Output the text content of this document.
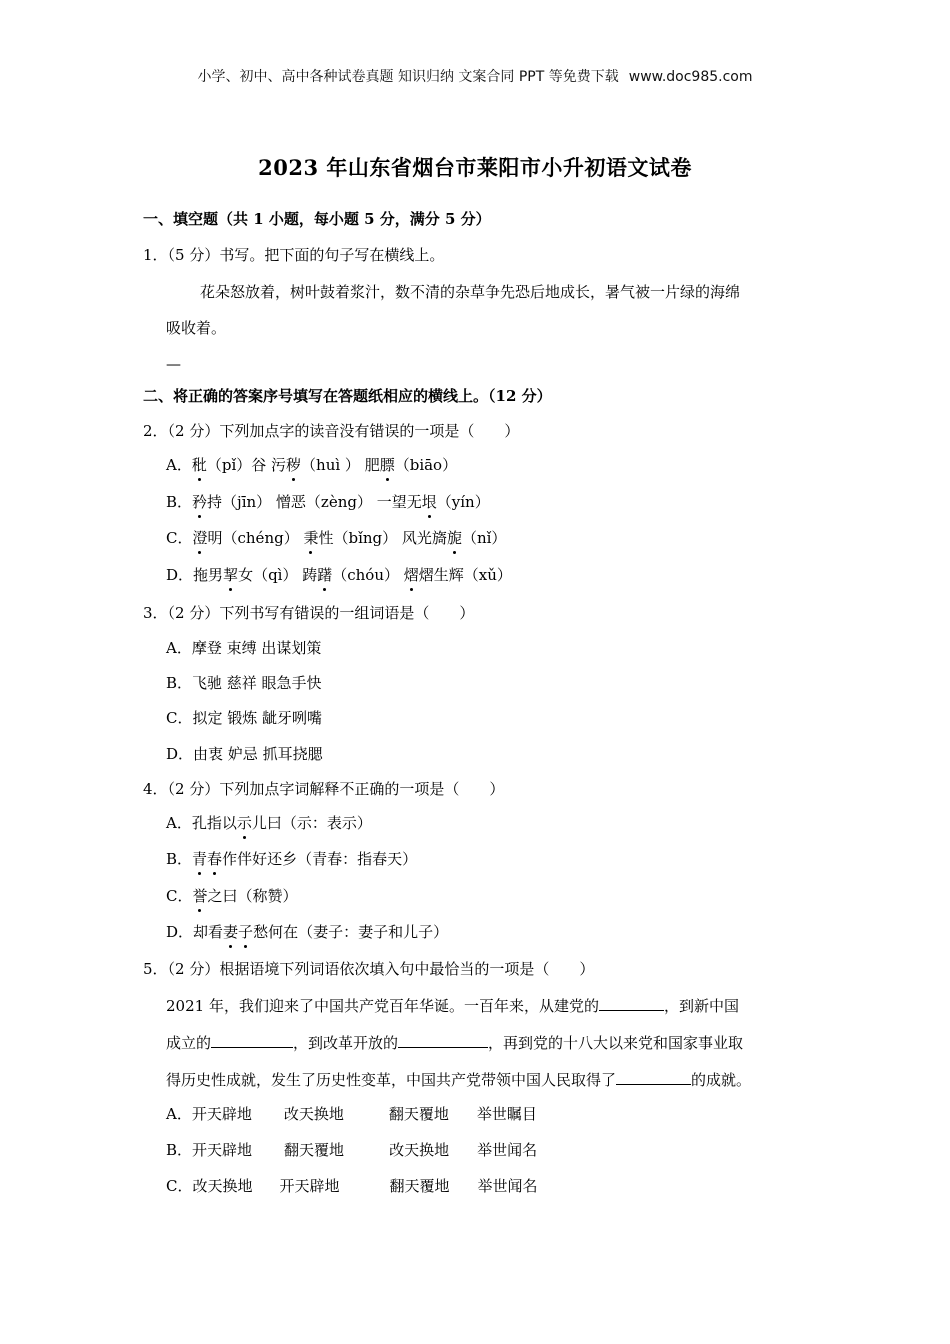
小学、初中、高中各种试卷真题 知识归纳 文案合同 PPT 等免费下载 www.doc985.com
2023 年山东省烟台市莱阳市小升初语文试卷
一、填空题（共 1 小题，每小题 5 分，满分 5 分）
1．（5 分）书写。把下面的句子写在横线上。
花朵怒放着，树叶鼓着浆汁，数不清的杂草争先恐后地成长，暑气被一片绿的海绵
吸收着。
—
二、将正确的答案序号填写在答题纸相应的横线上。（12 分）
2．（2 分）下列加点字的读音没有错误的一项是（　　）
A．秕（pǐ）谷 污秽（huì ） 肥膘（biāo）
B．矜持（jīn） 憎恶（zèng） 一望无垠（yín）
C．澄明（chéng） 秉性（bǐng） 风光旖旎（nǐ）
D．拖男挈女（qì） 踌躇（chóu） 熠熠生辉（xǔ）
3．（2 分）下列书写有错误的一组词语是（　　）
A．摩登 束缚 出谋划策
B．飞驰 慈祥 眼急手快
C．拟定 锻炼 龇牙咧嘴
D．由衷 妒忌 抓耳挠腮
4．（2 分）下列加点字词解释不正确的一项是（　　）
A．孔指以示儿曰（示：表示）
B．青春作伴好还乡（青春：指春天）
C．誉之曰（称赞）
D．却看妻子愁何在（妻子：妻子和儿子）
5．（2 分）根据语境下列词语依次填入句中最恰当的一项是（　　）
2021 年，我们迎来了中国共产党百年华诞。一百年来，从建党的	，到新中国
成立的	，到改革开放的	，再到党的十八大以来党和国家事业取
得历史性成就，发生了历史性变革，中国共产党带领中国人民取得了	的成就。
A．开天辟地 改天换地	翻天覆地 举世瞩目
B．开天辟地 翻天覆地	改天换地 举世闻名
C．改天换地 开天辟地	翻天覆地 举世闻名
